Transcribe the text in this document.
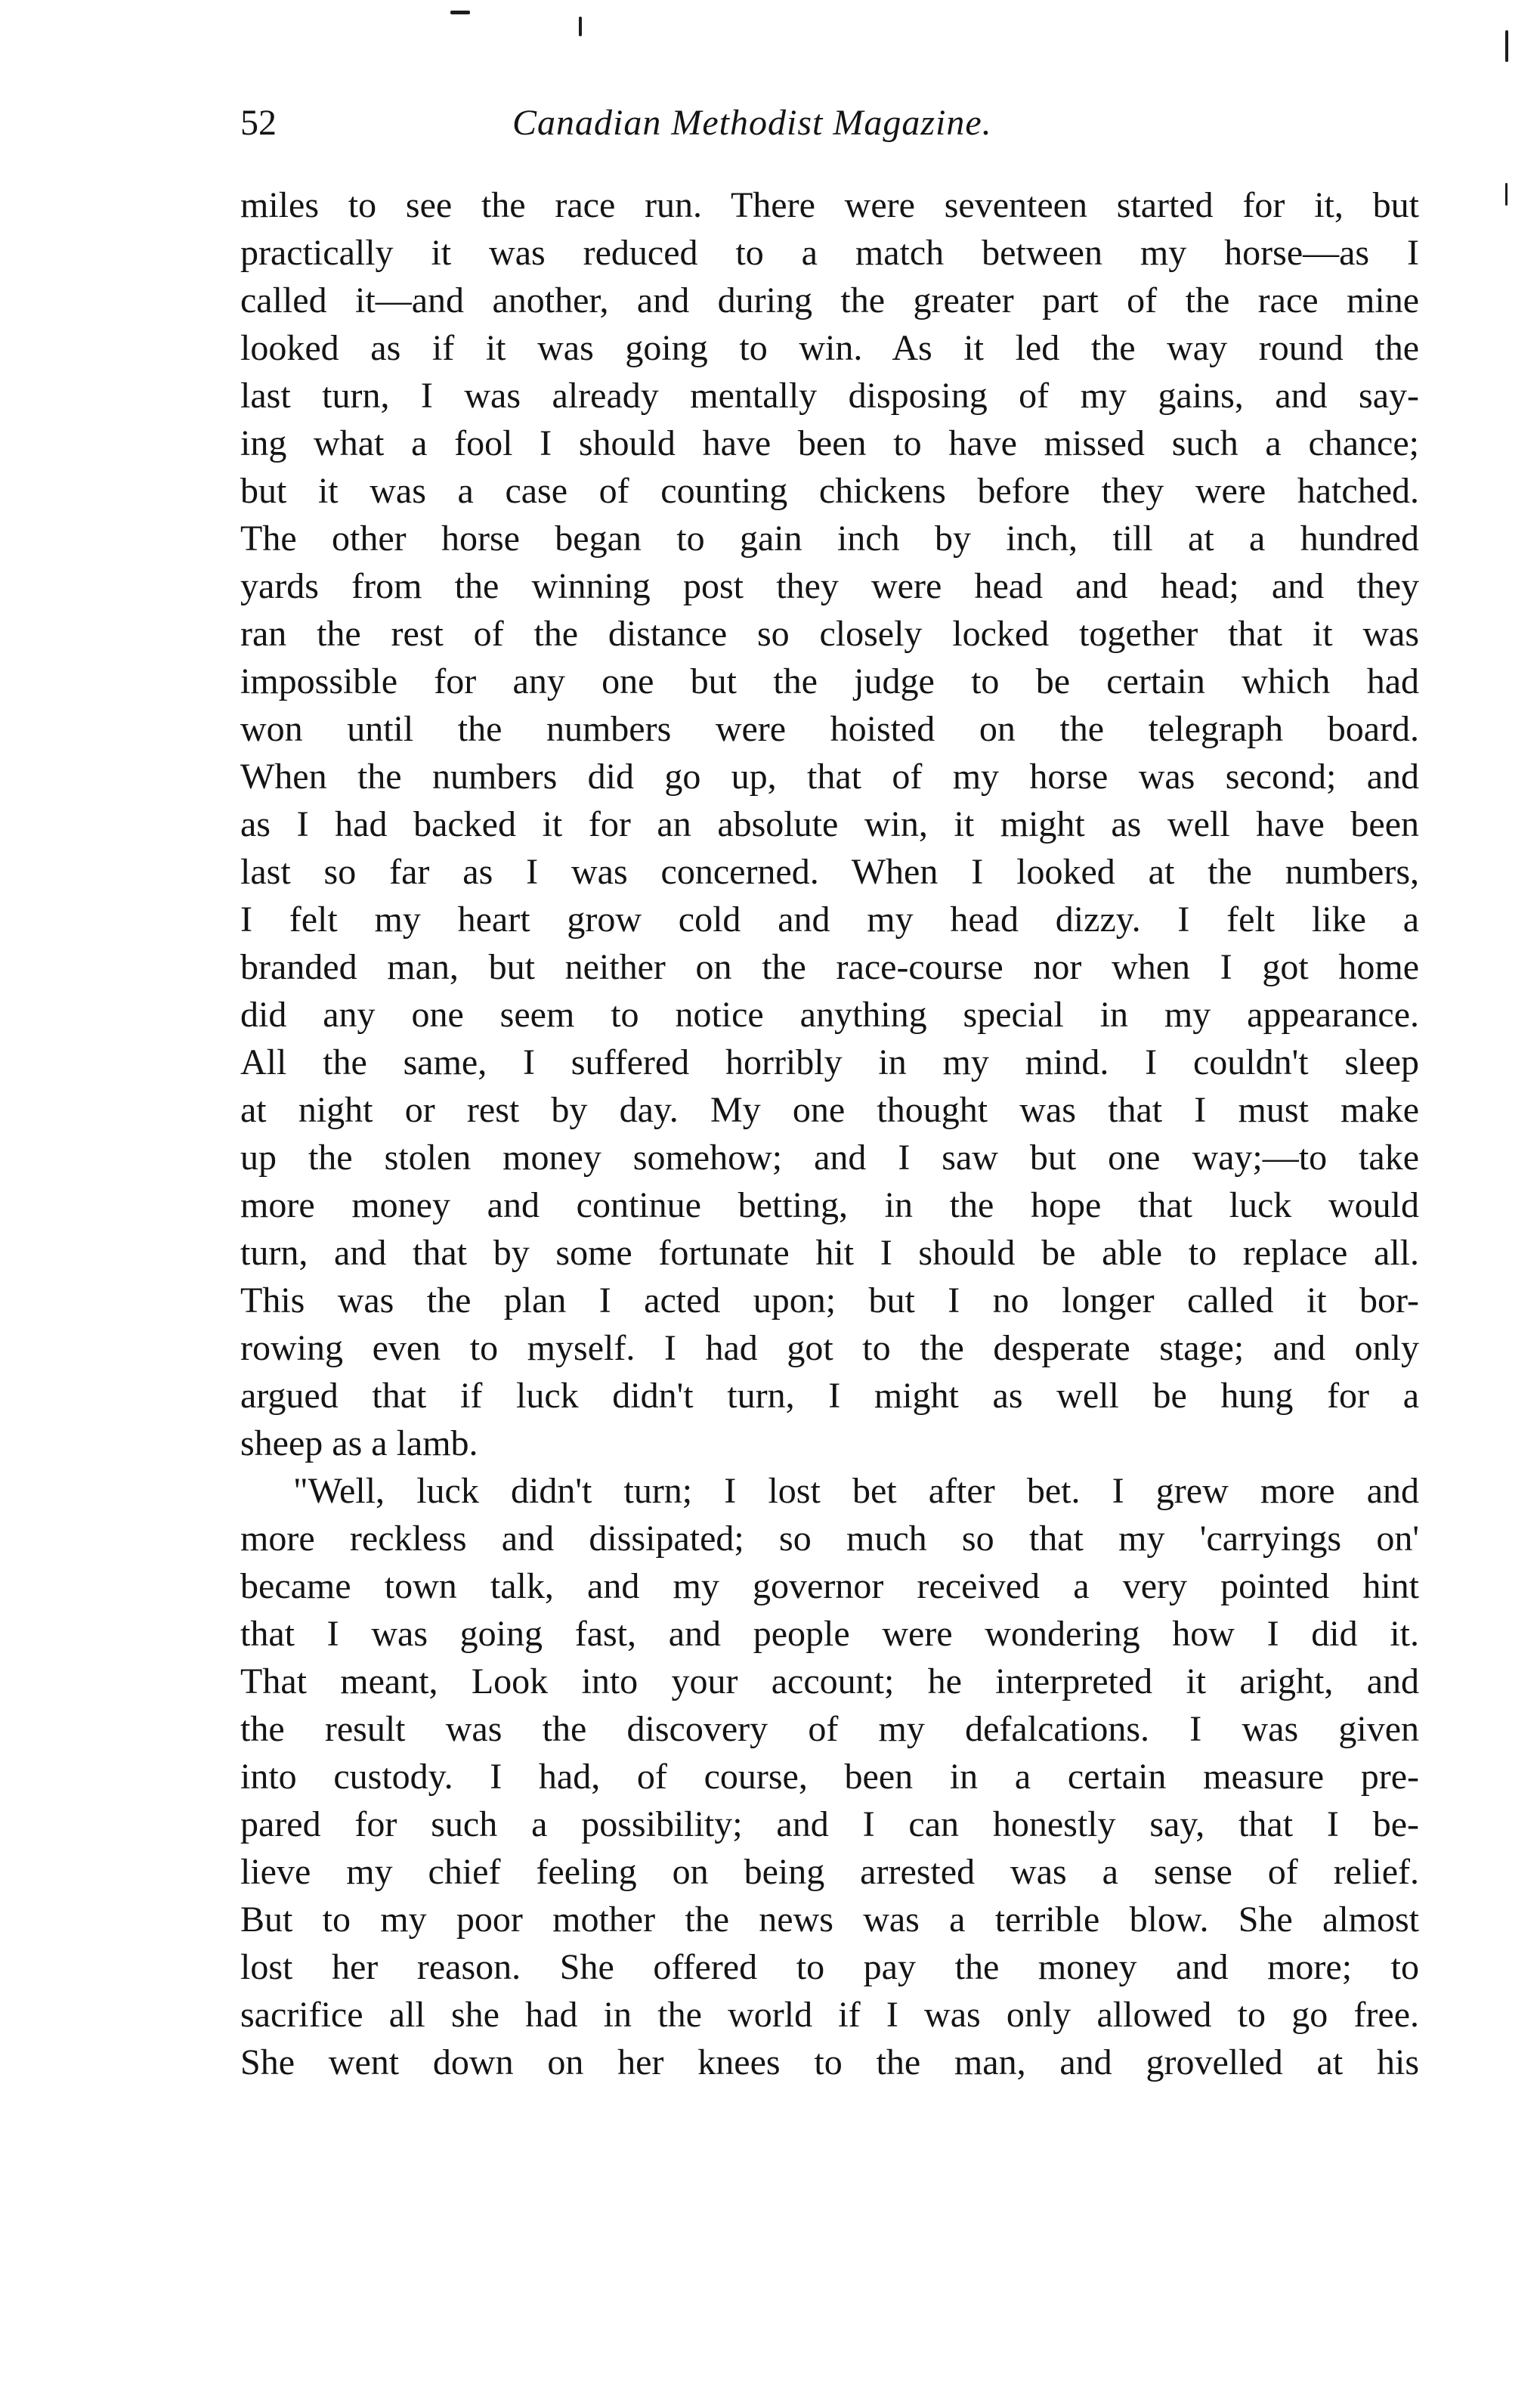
52	Canadian Methodist Magazine.
miles to see the race run. There were seventeen started for it, but
practically it was reduced to a match between my horse—as I
called it—and another, and during the greater part of the race mine
looked as if it was going to win. As it led the way round the
last turn, I was already mentally disposing of my gains, and say-
ing what a fool I should have been to have missed such a chance;
but it was a case of counting chickens before they were hatched.
The other horse began to gain inch by inch, till at a hundred
yards from the winning post they were head and head; and they
ran the rest of the distance so closely locked together that it was
impossible for any one but the judge to be certain which had
won until the numbers were hoisted on the telegraph board.
When the numbers did go up, that of my horse was second; and
as I had backed it for an absolute win, it might as well have been
last so far as I was concerned. When I looked at the numbers,
I felt my heart grow cold and my head dizzy. I felt like a
branded man, but neither on the race-course nor when I got home
did any one seem to notice anything special in my appearance.
All the same, I suffered horribly in my mind. I couldn't sleep
at night or rest by day. My one thought was that I must make
up the stolen money somehow; and I saw but one way;—to take
more money and continue betting, in the hope that luck would
turn, and that by some fortunate hit I should be able to replace all.
This was the plan I acted upon; but I no longer called it bor-
rowing even to myself. I had got to the desperate stage; and only
argued that if luck didn't turn, I might as well be hung for a
sheep as a lamb.
"Well, luck didn't turn; I lost bet after bet. I grew more and
more reckless and dissipated; so much so that my 'carryings on'
became town talk, and my governor received a very pointed hint
that I was going fast, and people were wondering how I did it.
That meant, Look into your account; he interpreted it aright, and
the result was the discovery of my defalcations. I was given
into custody. I had, of course, been in a certain measure pre-
pared for such a possibility; and I can honestly say, that I be-
lieve my chief feeling on being arrested was a sense of relief.
But to my poor mother the news was a terrible blow. She almost
lost her reason. She offered to pay the money and more; to
sacrifice all she had in the world if I was only allowed to go free.
She went down on her knees to the man, and grovelled at his
